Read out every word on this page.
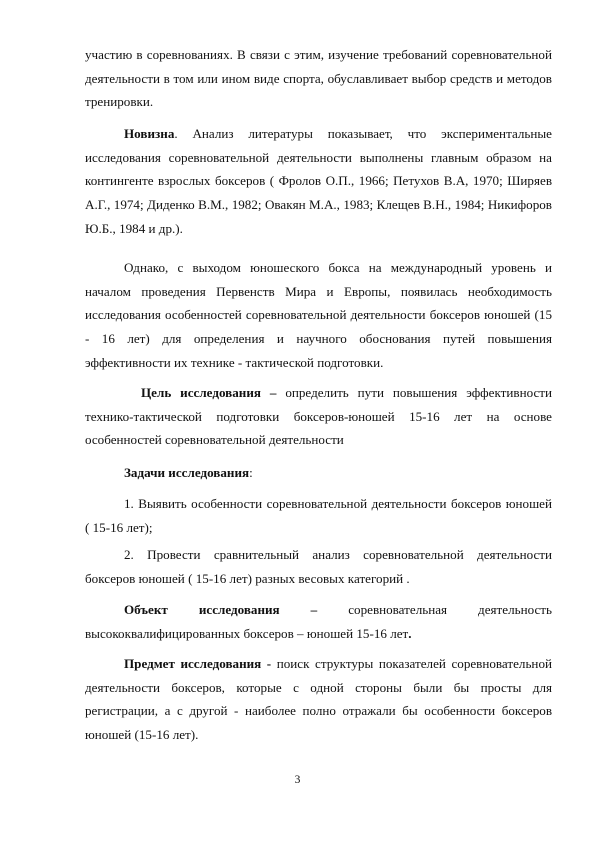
участию в соревнованиях. В связи с этим, изучение требований соревновательной деятельности в том или ином виде спорта, обуславливает выбор средств и методов тренировки.

Новизна. Анализ литературы показывает, что экспериментальные исследования соревновательной деятельности выполнены главным образом на контингенте взрослых боксеров ( Фролов О.П., 1966; Петухов В.А, 1970; Ширяев А.Г., 1974; Диденко В.М., 1982; Овакян М.А., 1983; Клещев В.Н., 1984; Никифоров Ю.Б., 1984 и др.).

Однако, с выходом юношеского бокса на международный уровень и началом проведения Первенств Мира и Европы, появилась необходимость исследования особенностей соревновательной деятельности боксеров юношей (15 - 16 лет) для определения и научного обоснования путей повышения эффективности их технике - тактической подготовки.

Цель исследования – определить пути повышения эффективности технико-тактической подготовки боксеров-юношей 15-16 лет на основе особенностей соревновательной деятельности

Задачи исследования:

1. Выявить особенности соревновательной деятельности боксеров юношей ( 15-16 лет);

2. Провести сравнительный анализ соревновательной деятельности боксеров юношей ( 15-16 лет) разных весовых категорий .

Объект исследования – соревновательная деятельность высококвалифицированных боксеров – юношей 15-16 лет.

Предмет исследования - поиск структуры показателей соревновательной деятельности боксеров, которые с одной стороны были бы просты для регистрации, а с другой - наиболее полно отражали бы особенности боксеров юношей (15-16 лет).

3
